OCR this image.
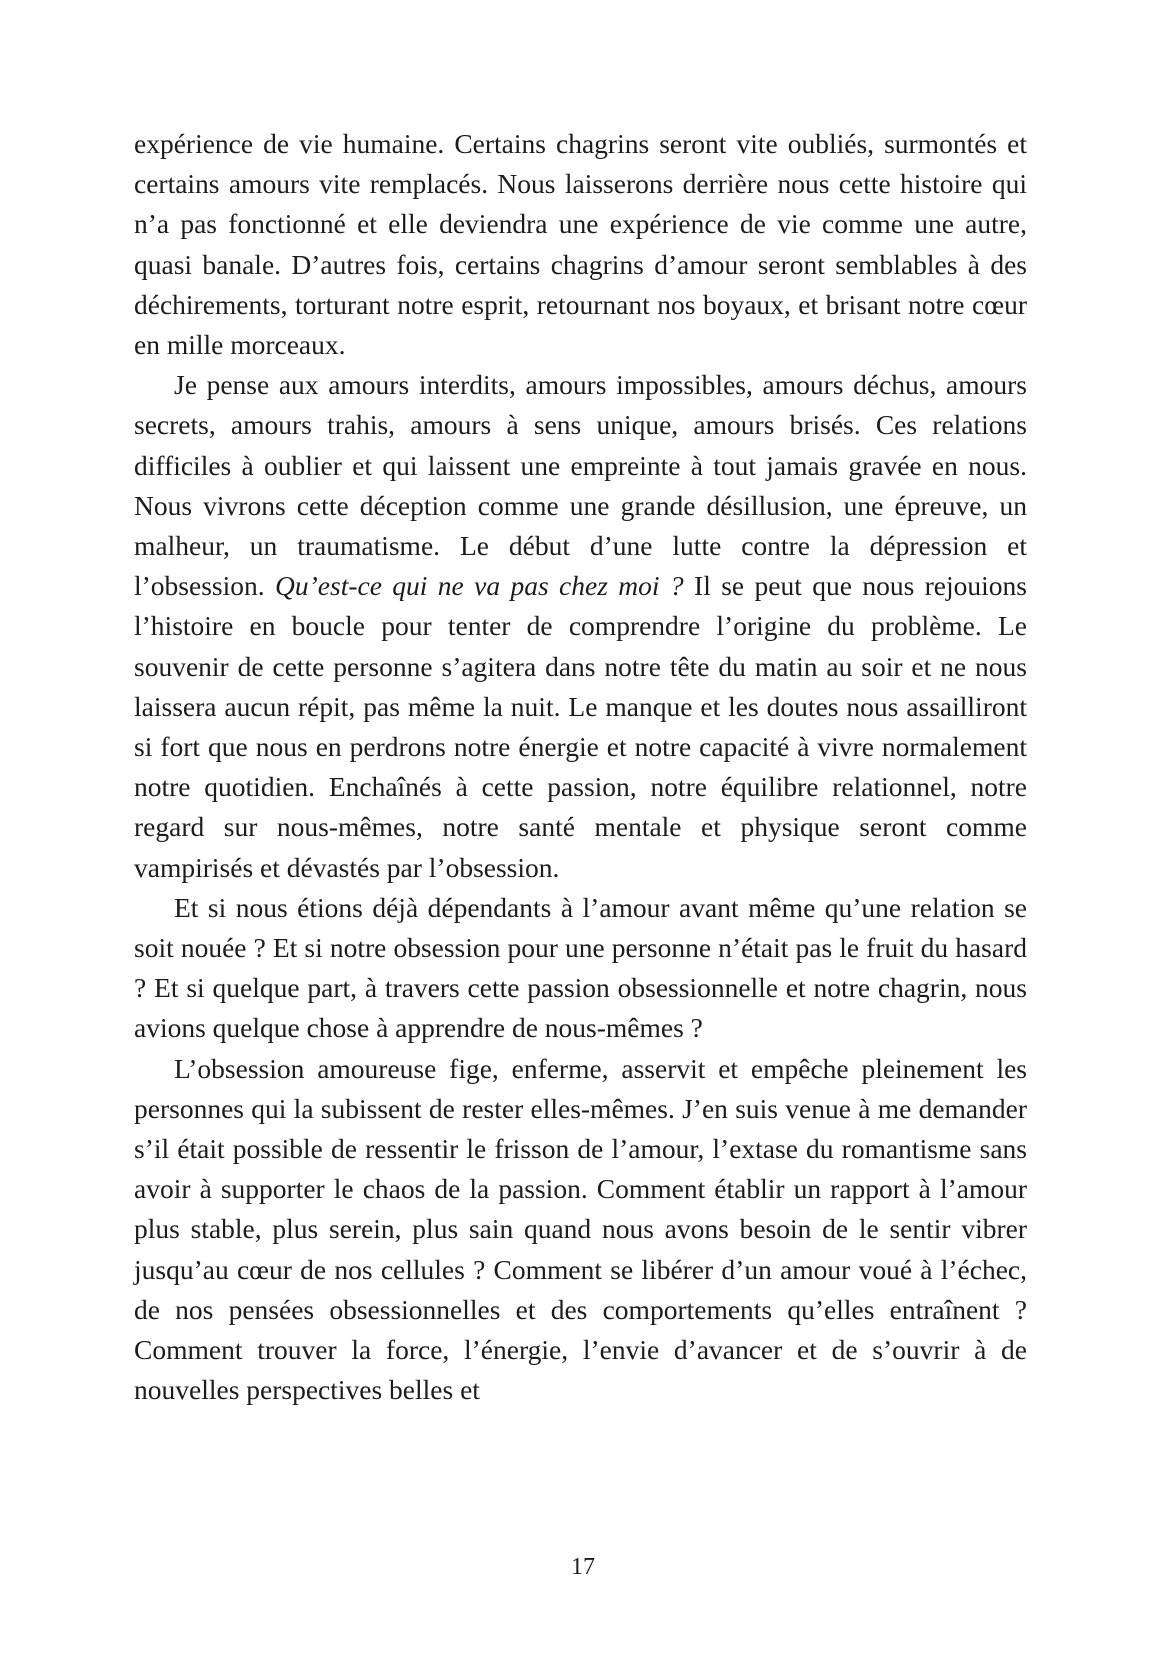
expérience de vie humaine. Certains chagrins seront vite oubliés, surmontés et certains amours vite remplacés. Nous laisserons derrière nous cette histoire qui n’a pas fonctionné et elle deviendra une expérience de vie comme une autre, quasi banale. D’autres fois, certains chagrins d’amour seront semblables à des déchirements, torturant notre esprit, retournant nos boyaux, et brisant notre cœur en mille morceaux.

Je pense aux amours interdits, amours impossibles, amours déchus, amours secrets, amours trahis, amours à sens unique, amours brisés. Ces relations difficiles à oublier et qui laissent une empreinte à tout jamais gravée en nous. Nous vivrons cette déception comme une grande désillusion, une épreuve, un malheur, un traumatisme. Le début d’une lutte contre la dépression et l’obsession. Qu’est-ce qui ne va pas chez moi ? Il se peut que nous rejouions l’histoire en boucle pour tenter de comprendre l’origine du problème. Le souvenir de cette personne s’agitera dans notre tête du matin au soir et ne nous laissera aucun répit, pas même la nuit. Le manque et les doutes nous assailliront si fort que nous en perdrons notre énergie et notre capacité à vivre normalement notre quotidien. Enchaînés à cette passion, notre équilibre relationnel, notre regard sur nous-mêmes, notre santé mentale et physique seront comme vampirisés et dévastés par l’obsession.

Et si nous étions déjà dépendants à l’amour avant même qu’une relation se soit nouée ? Et si notre obsession pour une personne n’était pas le fruit du hasard ? Et si quelque part, à travers cette passion obsessionnelle et notre chagrin, nous avions quelque chose à apprendre de nous-mêmes ?

L’obsession amoureuse fige, enferme, asservit et empêche pleinement les personnes qui la subissent de rester elles-mêmes. J’en suis venue à me demander s’il était possible de ressentir le frisson de l’amour, l’extase du romantisme sans avoir à supporter le chaos de la passion. Comment établir un rapport à l’amour plus stable, plus serein, plus sain quand nous avons besoin de le sentir vibrer jusqu’au cœur de nos cellules ? Comment se libérer d’un amour voué à l’échec, de nos pensées obsessionnelles et des comportements qu’elles entraînent ? Comment trouver la force, l’énergie, l’envie d’avancer et de s’ouvrir à de nouvelles perspectives belles et

17
